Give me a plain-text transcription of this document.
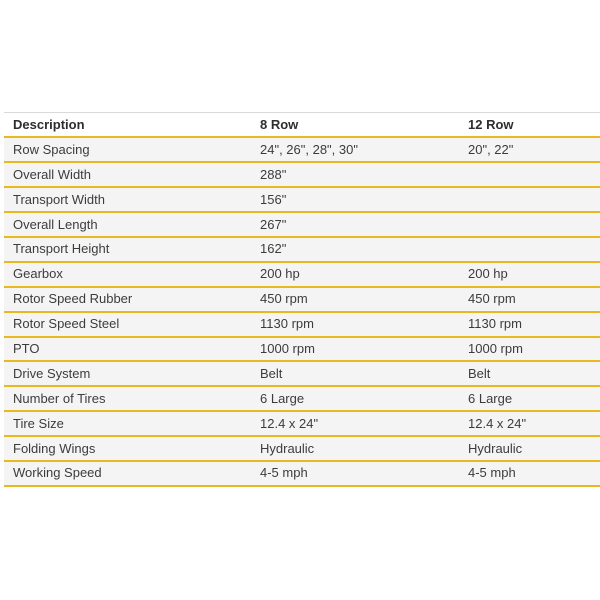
Description	8 Row	12 Row
Row Spacing	24", 26", 28", 30"	20", 22"
Overall Width	288"	
Transport Width	156"	
Overall Length	267"	
Transport Height	162"	
Gearbox	200 hp	200 hp
Rotor Speed Rubber	450 rpm	450 rpm
Rotor Speed Steel	1130 rpm	1130 rpm
PTO	1000 rpm	1000 rpm
Drive System	Belt	Belt
Number of Tires	6 Large	6 Large
Tire Size	12.4 x 24"	12.4 x 24"
Folding Wings	Hydraulic	Hydraulic
Working Speed	4-5 mph	4-5 mph
